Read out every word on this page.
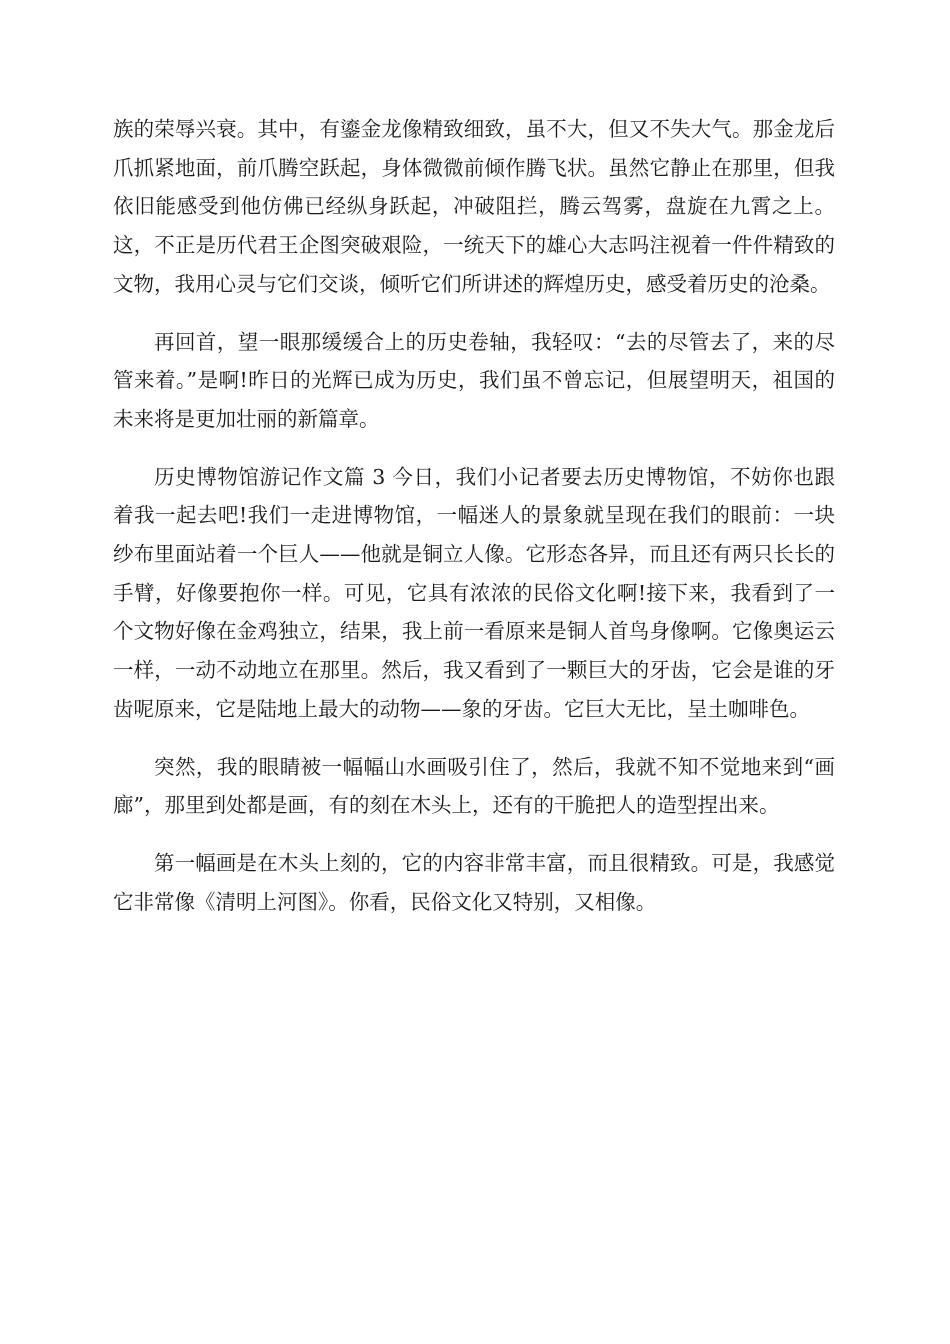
族的荣辱兴衰。其中，有鎏金龙像精致细致，虽不大，但又不失大气。那金龙后爪抓紧地面，前爪腾空跃起，身体微微前倾作腾飞状。虽然它静止在那里，但我依旧能感受到他仿佛已经纵身跃起，冲破阻拦，腾云驾雾，盘旋在九霄之上。这，不正是历代君王企图突破艰险，一统天下的雄心大志吗注视着一件件精致的文物，我用心灵与它们交谈，倾听它们所讲述的辉煌历史，感受着历史的沧桑。

再回首，望一眼那缓缓合上的历史卷轴，我轻叹：“去的尽管去了，来的尽管来着。”是啊!昨日的光辉已成为历史，我们虽不曾忘记，但展望明天，祖国的未来将是更加壮丽的新篇章。

历史博物馆游记作文篇 3 今日，我们小记者要去历史博物馆，不妨你也跟着我一起去吧!我们一走进博物馆，一幅迷人的景象就呈现在我们的眼前：一块纱布里面站着一个巨人——他就是铜立人像。它形态各异，而且还有两只长长的手臂，好像要抱你一样。可见，它具有浓浓的民俗文化啊!接下来，我看到了一个文物好像在金鸡独立，结果，我上前一看原来是铜人首鸟身像啊。它像奥运云一样，一动不动地立在那里。然后，我又看到了一颗巨大的牙齿，它会是谁的牙齿呢原来，它是陆地上最大的动物——象的牙齿。它巨大无比，呈土咖啡色。

突然，我的眼睛被一幅幅山水画吸引住了，然后，我就不知不觉地来到“画廊”，那里到处都是画，有的刻在木头上，还有的干脆把人的造型捏出来。

第一幅画是在木头上刻的，它的内容非常丰富，而且很精致。可是，我感觉它非常像《清明上河图》。你看，民俗文化又特别，又相像。
